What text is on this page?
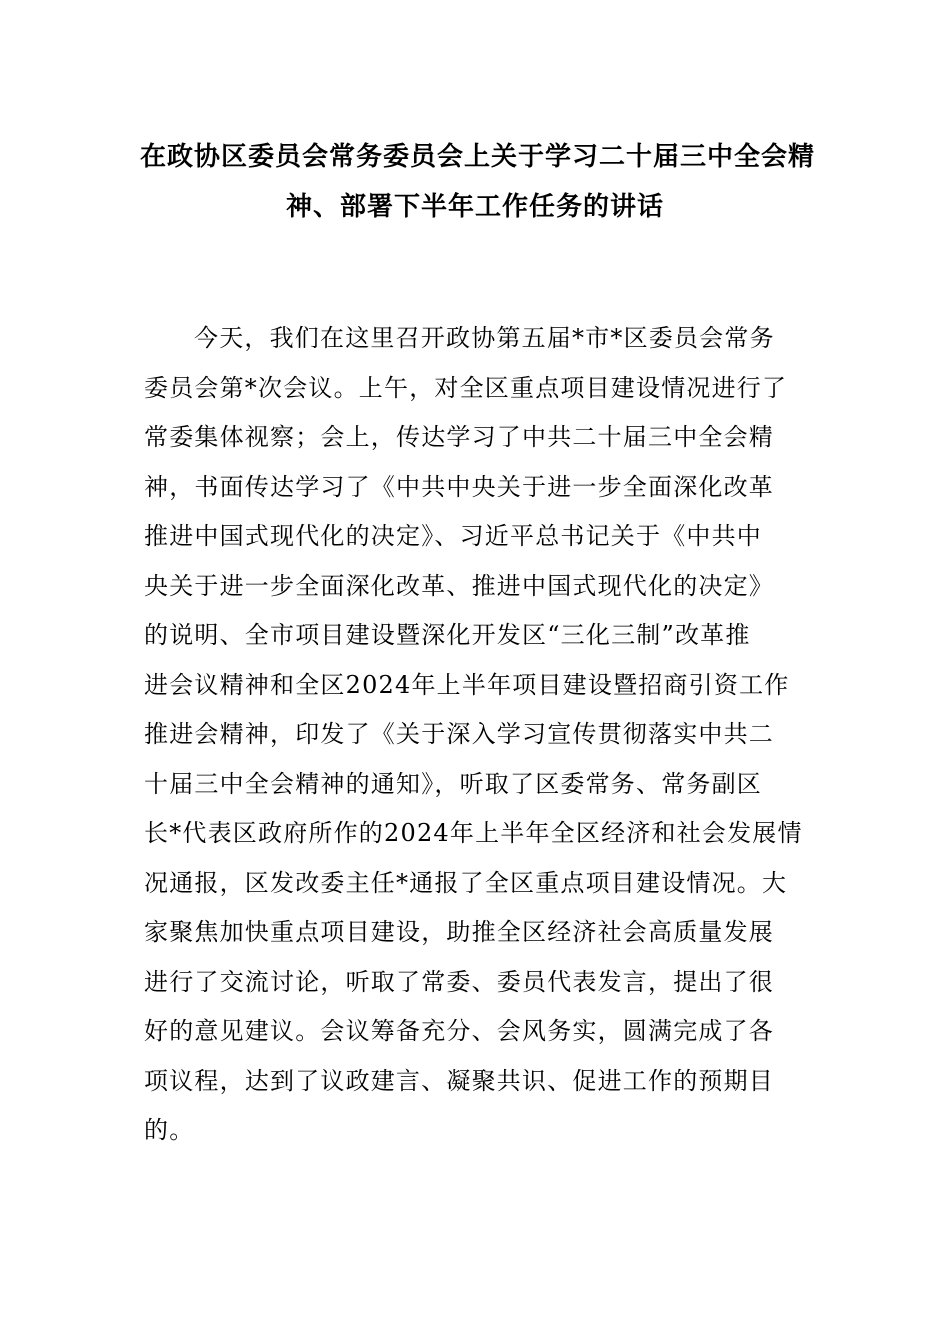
在政协区委员会常务委员会上关于学习二十届三中全会精
神、部署下半年工作任务的讲话
今天，我们在这里召开政协第五届*市*区委员会常务
委员会第*次会议。上午，对全区重点项目建设情况进行了
常委集体视察；会上，传达学习了中共二十届三中全会精
神，书面传达学习了《中共中央关于进一步全面深化改革
推进中国式现代化的决定》、习近平总书记关于《中共中
央关于进一步全面深化改革、推进中国式现代化的决定》
的说明、全市项目建设暨深化开发区“三化三制”改革推
进会议精神和全区2024年上半年项目建设暨招商引资工作
推进会精神，印发了《关于深入学习宣传贯彻落实中共二
十届三中全会精神的通知》，听取了区委常务、常务副区
长*代表区政府所作的2024年上半年全区经济和社会发展情
况通报，区发改委主任*通报了全区重点项目建设情况。大
家聚焦加快重点项目建设，助推全区经济社会高质量发展
进行了交流讨论，听取了常委、委员代表发言，提出了很
好的意见建议。会议筹备充分、会风务实，圆满完成了各
项议程，达到了议政建言、凝聚共识、促进工作的预期目
的。
